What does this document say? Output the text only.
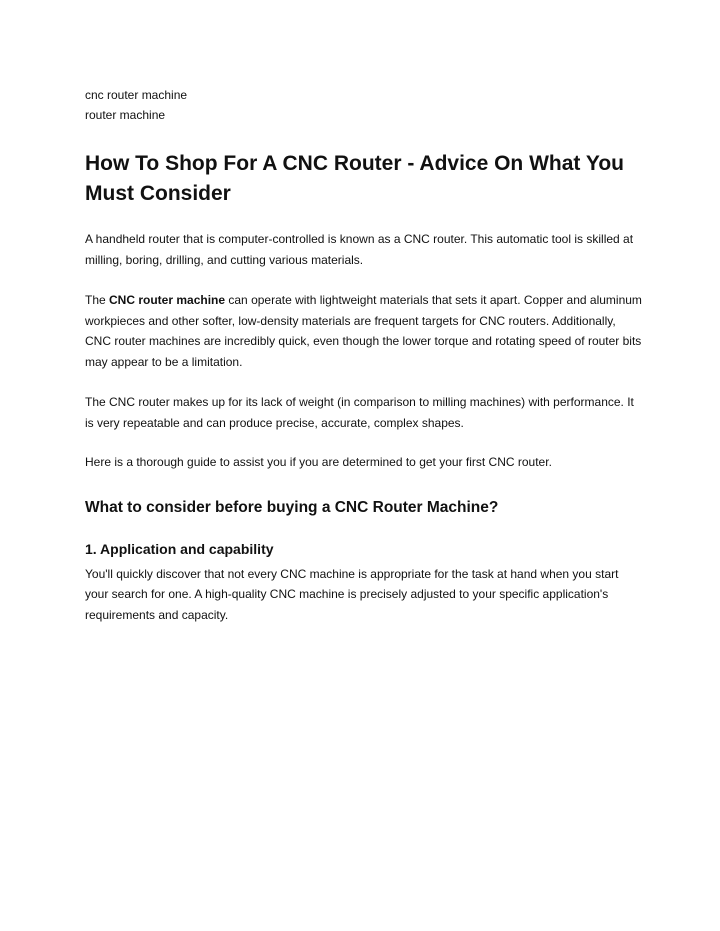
cnc router machine

router machine

How To Shop For A CNC Router - Advice On What You Must Consider

A handheld router that is computer-controlled is known as a CNC router. This automatic tool is skilled at milling, boring, drilling, and cutting various materials.

The CNC router machine can operate with lightweight materials that sets it apart. Copper and aluminum workpieces and other softer, low-density materials are frequent targets for CNC routers. Additionally, CNC router machines are incredibly quick, even though the lower torque and rotating speed of router bits may appear to be a limitation.

The CNC router makes up for its lack of weight (in comparison to milling machines) with performance. It is very repeatable and can produce precise, accurate, complex shapes.

Here is a thorough guide to assist you if you are determined to get your first CNC router.

What to consider before buying a CNC Router Machine?
1. Application and capability

You'll quickly discover that not every CNC machine is appropriate for the task at hand when you start your search for one. A high-quality CNC machine is precisely adjusted to your specific application's requirements and capacity.
